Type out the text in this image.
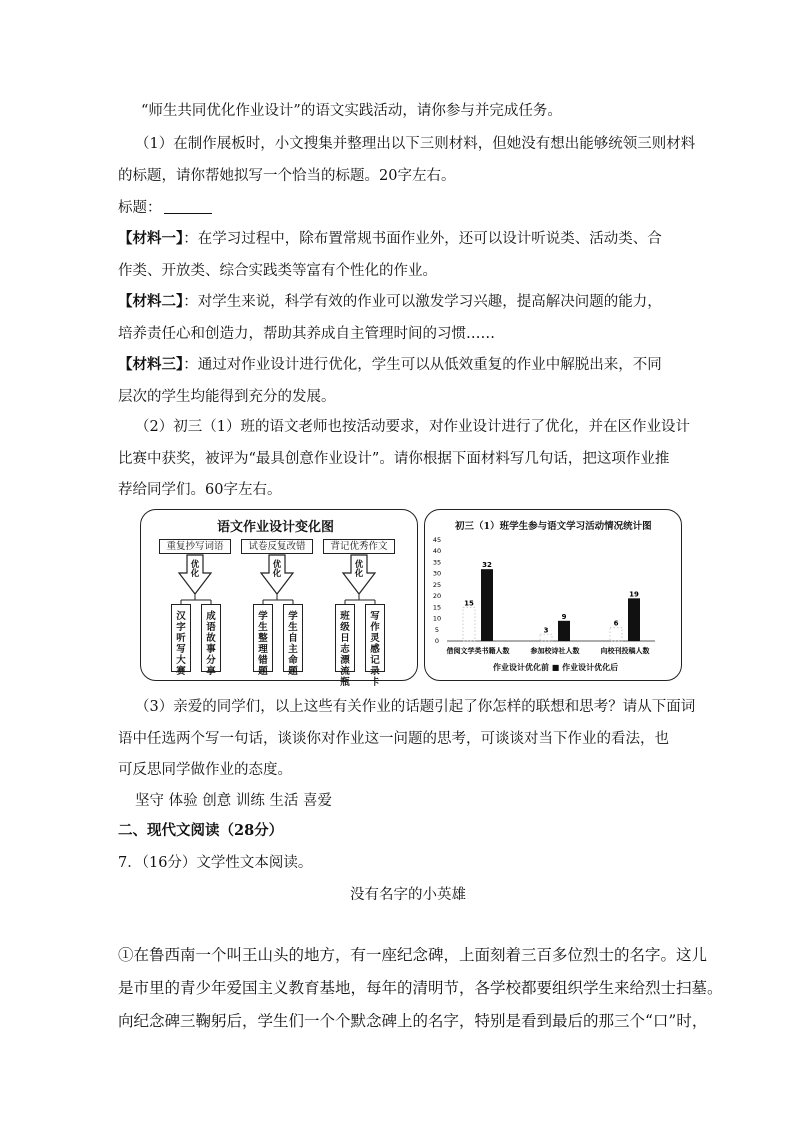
“师生共同优化作业设计”的语文实践活动，请你参与并完成任务。
（1）在制作展板时，小文搜集并整理出以下三则材料，但她没有想出能够统领三则材料
的标题，请你帮她拟写一个恰当的标题。20字左右。
标题：
【材料一】：在学习过程中，除布置常规书面作业外，还可以设计听说类、活动类、合
作类、开放类、综合实践类等富有个性化的作业。
【材料二】：对学生来说，科学有效的作业可以激发学习兴趣，提高解决问题的能力，
培养责任心和创造力，帮助其养成自主管理时间的习惯……
【材料三】：通过对作业设计进行优化，学生可以从低效重复的作业中解脱出来，不同
层次的学生均能得到充分的发展。
（2）初三（1）班的语文老师也按活动要求，对作业设计进行了优化，并在区作业设计
比赛中获奖，被评为“最具创意作业设计”。请你根据下面材料写几句话，把这项作业推
荐给同学们。60字左右。
语文作业设计变化图
重复抄写词语	试卷反复改错	背记优秀作文
优化
优化
优化
汉字听写大赛
成语故事分享
学生整理错题
学生自主命题
班级日志漂流瓶
写作灵感记录卡
初三（1）班学生参与语文学习活动情况统计图
0
5
10
15
20
25
30
35
40
45
15
32
借阅文学类书籍人数
3
9
参加校诗社人数
6
19
向校刊投稿人数
作业设计优化前 ■ 作业设计优化后
（3）亲爱的同学们，以上这些有关作业的话题引起了你怎样的联想和思考？请从下面词
语中任选两个写一句话，谈谈你对作业这一问题的思考，可谈谈对当下作业的看法，也
可反思同学做作业的态度。
坚守 体验 创意 训练 生活 喜爱
二、现代文阅读（28分）
7．（16分）文学性文本阅读。
没有名字的小英雄
①在鲁西南一个叫王山头的地方，有一座纪念碑，上面刻着三百多位烈士的名字。这儿
是市里的青少年爱国主义教育基地，每年的清明节，各学校都要组织学生来给烈士扫墓。
向纪念碑三鞠躬后，学生们一个个默念碑上的名字，特别是看到最后的那三个“口”时，
